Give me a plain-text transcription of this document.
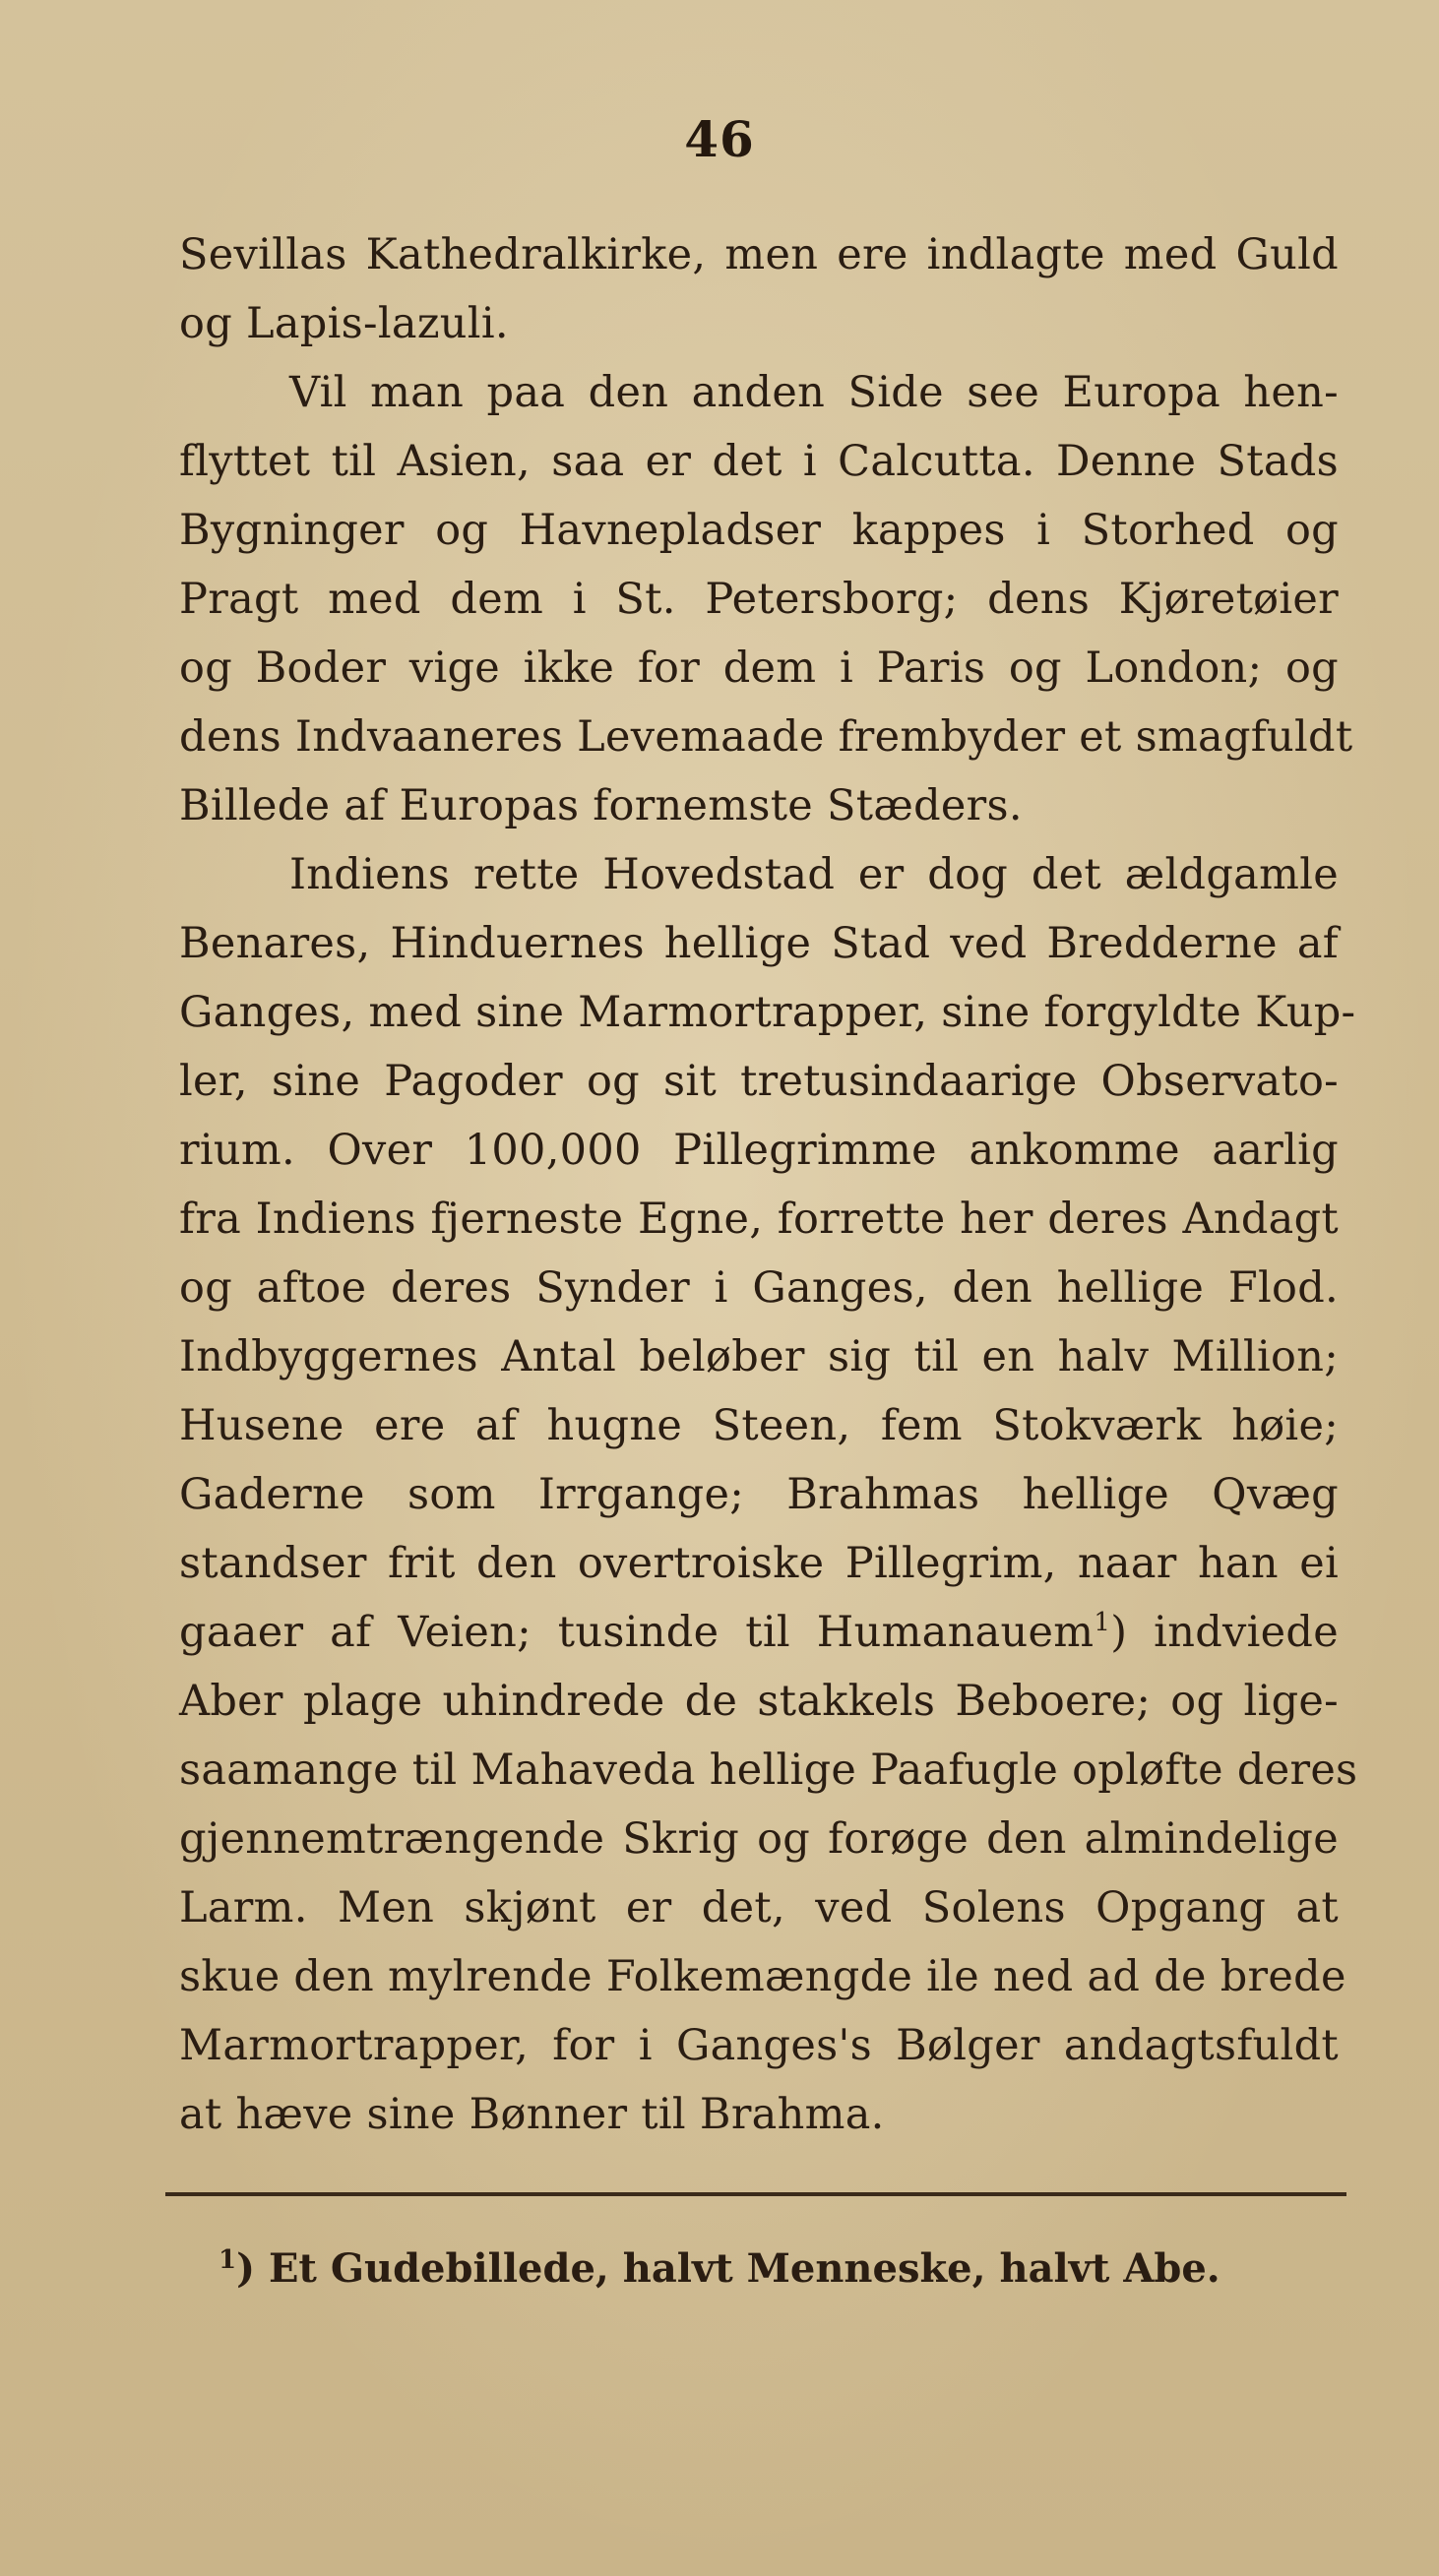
46
Sevillas Kathedralkirke, men ere indlagte med Guld
og Lapis-lazuli.
Vil man paa den anden Side see Europa hen-
flyttet til Asien, saa er det i Calcutta. Denne Stads
Bygninger og Havnepladser kappes i Storhed og
Pragt med dem i St. Petersborg; dens Kjøretøier
og Boder vige ikke for dem i Paris og London; og
dens Indvaaneres Levemaade frembyder et smagfuldt
Billede af Europas fornemste Stæders.
Indiens rette Hovedstad er dog det ældgamle
Benares, Hinduernes hellige Stad ved Bredderne af
Ganges, med sine Marmortrapper, sine forgyldte Kup-
ler, sine Pagoder og sit tretusindaarige Observato-
rium. Over 100,000 Pillegrimme ankomme aarlig
fra Indiens fjerneste Egne, forrette her deres Andagt
og aftoe deres Synder i Ganges, den hellige Flod.
Indbyggernes Antal beløber sig til en halv Million;
Husene ere af hugne Steen, fem Stokværk høie;
Gaderne som Irrgange; Brahmas hellige Qvæg
standser frit den overtroiske Pillegrim, naar han ei
gaaer af Veien; tusinde til Humanauem$^1$) indviede
Aber plage uhindrede de stakkels Beboere; og lige-
saamange til Mahaveda hellige Paafugle opløfte deres
gjennemtrængende Skrig og forøge den almindelige
Larm. Men skjønt er det, ved Solens Opgang at
skue den mylrende Folkemængde ile ned ad de brede
Marmortrapper, for i Ganges's Bølger andagtsfuldt
at hæve sine Bønner til Brahma.
$^1$) Et Gudebillede, halvt Menneske, halvt Abe.
